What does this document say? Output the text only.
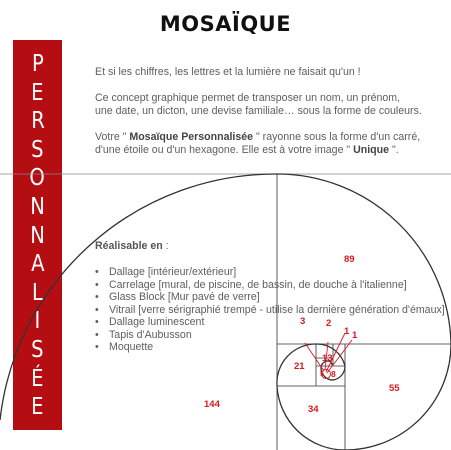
MOSAÏQUE
P
E
R
S
O
N
N
A
L
I
S
É
E
89
55
34
21
13
8
5
3 2
1 1
144

Et si les chiffres, les lettres et la lumière ne faisait qu'un !

Ce concept graphique permet de transposer un nom, un prénom,
une date, un dicton, une devise familiale… sous la forme de couleurs.

Votre " Mosaïque Personnalisée " rayonne sous la forme d'un carré,
d'une étoile ou d'un hexagone. Elle est à votre image " Unique ".

Réalisable en :
• Dallage [intérieur/extérieur]
• Carrelage [mural, de piscine, de bassin, de douche à l'italienne]
• Glass Block [Mur pavé de verre]
• Vitrail [verre sérigraphié trempé - utilise la dernière génération d'émaux]
• Dallage luminescent
• Tapis d'Aubusson
• Moquette
